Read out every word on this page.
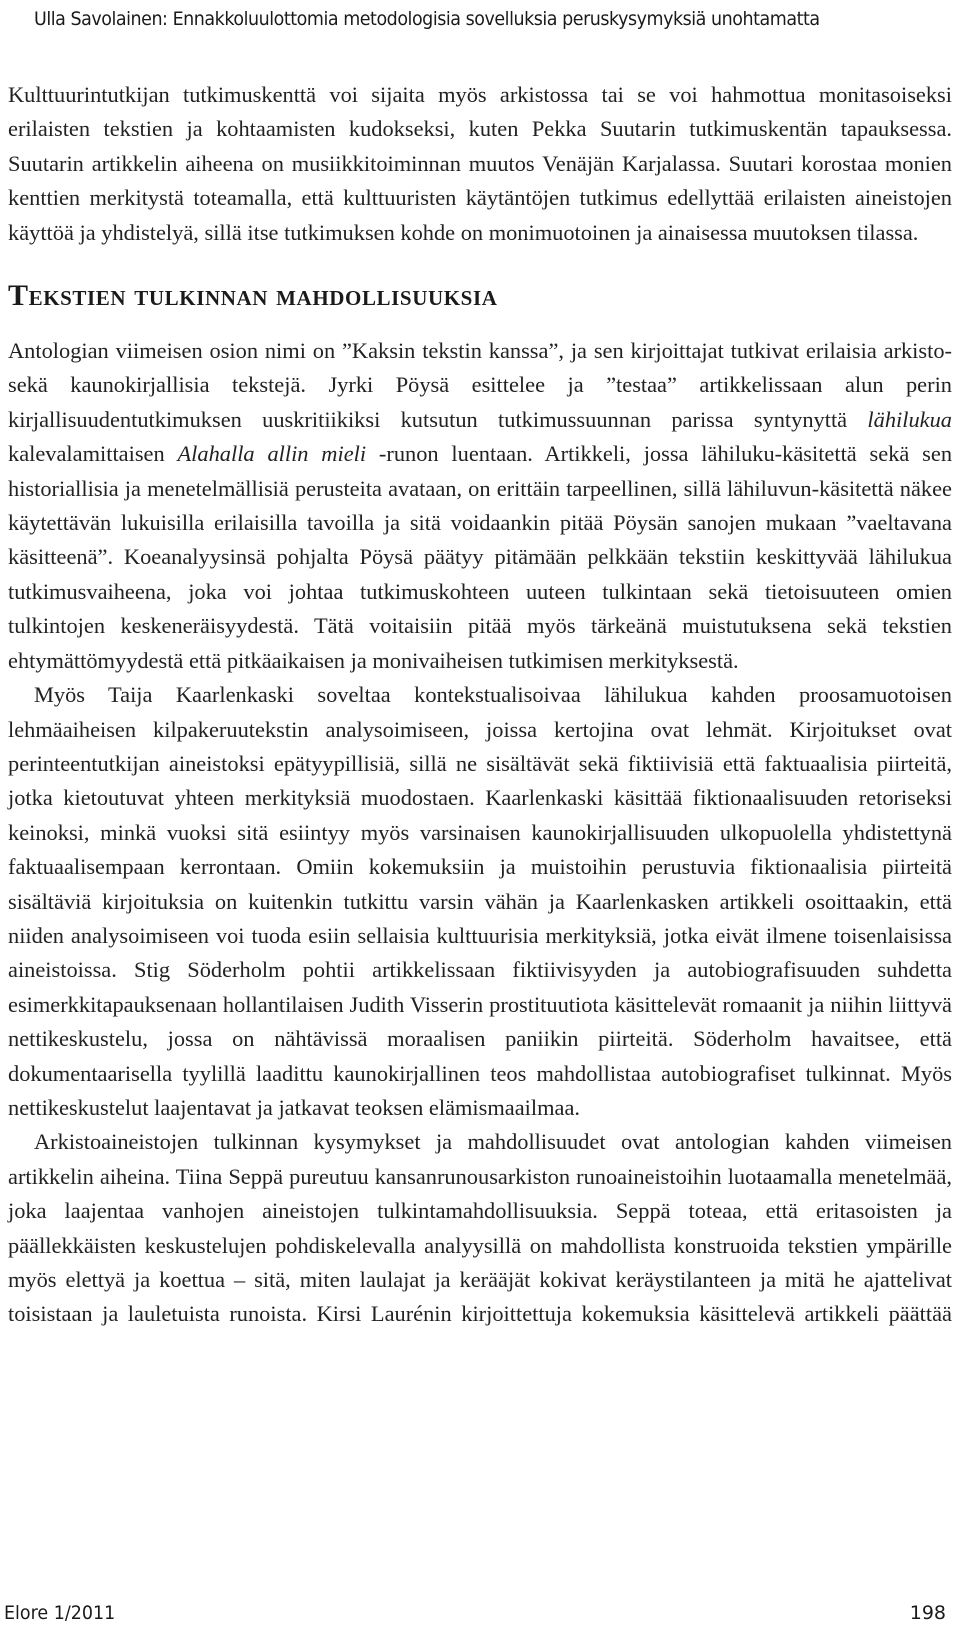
Ulla Savolainen: Ennakkoluulottomia metodologisia sovelluksia peruskysymyksiä unohtamatta

Kulttuurintutkijan tutkimuskenttä voi sijaita myös arkistossa tai se voi hahmottua monitasoiseksi erilaisten tekstien ja kohtaamisten kudokseksi, kuten Pekka Suutarin tutkimuskentän tapauksessa. Suutarin artikkelin aiheena on musiikkitoiminnan muutos Venäjän Karjalassa. Suutari korostaa monien kenttien merkitystä toteamalla, että kulttuuristen käytäntöjen tutkimus edellyttää erilaisten aineistojen käyttöä ja yhdistelyä, sillä itse tutkimuksen kohde on monimuotoinen ja ainaisessa muutoksen tilassa.

Tekstien tulkinnan mahdollisuuksia

Antologian viimeisen osion nimi on ”Kaksin tekstin kanssa”, ja sen kirjoittajat tutkivat erilaisia arkisto- sekä kaunokirjallisia tekstejä. Jyrki Pöysä esittelee ja ”testaa” artikkelissaan alun perin kirjallisuudentutkimuksen uuskritiikiksi kutsutun tutkimussuunnan parissa syntynyttä lähilukua kalevalamittaisen Alahalla allin mieli -runon luentaan. Artikkeli, jossa lähiluku-käsitettä sekä sen historiallisia ja menetelmällisiä perusteita avataan, on erittäin tarpeellinen, sillä lähiluvun-käsitettä näkee käytettävän lukuisilla erilaisilla tavoilla ja sitä voidaankin pitää Pöysän sanojen mukaan ”vaeltavana käsitteenä”. Koeanalyysinsä pohjalta Pöysä päätyy pitämään pelkkään tekstiin keskittyvää lähilukua tutkimusvaiheena, joka voi johtaa tutkimuskohteen uuteen tulkintaan sekä tietoisuuteen omien tulkintojen keskeneräisyydestä. Tätä voitaisiin pitää myös tärkeänä muistutuksena sekä tekstien ehtymättömyydestä että pitkäaikaisen ja monivaiheisen tutkimisen merkityksestä.

Myös Taija Kaarlenkaski soveltaa kontekstualisoivaa lähilukua kahden proosamuotoisen lehmäaiheisen kilpakeruutekstin analysoimiseen, joissa kertojina ovat lehmät. Kirjoitukset ovat perinteentutkijan aineistoksi epätyypillisiä, sillä ne sisältävät sekä fiktiivisiä että faktuaalisia piirteitä, jotka kietoutuvat yhteen merkityksiä muodostaen. Kaarlenkaski käsittää fiktionaalisuuden retoriseksi keinoksi, minkä vuoksi sitä esiintyy myös varsinaisen kaunokirjallisuuden ulkopuolella yhdistettynä faktuaalisempaan kerrontaan. Omiin kokemuksiin ja muistoihin perustuvia fiktionaalisia piirteitä sisältäviä kirjoituksia on kuitenkin tutkittu varsin vähän ja Kaarlenkasken artikkeli osoittaakin, että niiden analysoimiseen voi tuoda esiin sellaisia kulttuurisia merkityksiä, jotka eivät ilmene toisenlaisissa aineistoissa. Stig Söderholm pohtii artikkelissaan fiktiivisyyden ja autobiografisuuden suhdetta esimerkkitapauksenaan hollantilaisen Judith Visserin prostituutiota käsittelevät romaanit ja niihin liittyvä nettikeskustelu, jossa on nähtävissä moraalisen paniikin piirteitä. Söderholm havaitsee, että dokumentaarisella tyylillä laadittu kaunokirjallinen teos mahdollistaa autobiografiset tulkinnat. Myös nettikeskustelut laajentavat ja jatkavat teoksen elämismaailmaa.

Arkistoaineistojen tulkinnan kysymykset ja mahdollisuudet ovat antologian kahden viimeisen artikkelin aiheina. Tiina Seppä pureutuu kansanrunousarkiston runoaineistoihin luotaamalla menetelmää, joka laajentaa vanhojen aineistojen tulkintamahdollisuuksia. Seppä toteaa, että eritasoisten ja päällekkäisten keskustelujen pohdiskelevalla analyysillä on mahdollista konstruoida tekstien ympärille myös elettyä ja koettua – sitä, miten laulajat ja kerääjät kokivat keräystilanteen ja mitä he ajattelivat toisistaan ja lauletuista runoista. Kirsi Laurénin kirjoittettuja kokemuksia käsittelevä artikkeli päättää

Elore 1/2011	198
